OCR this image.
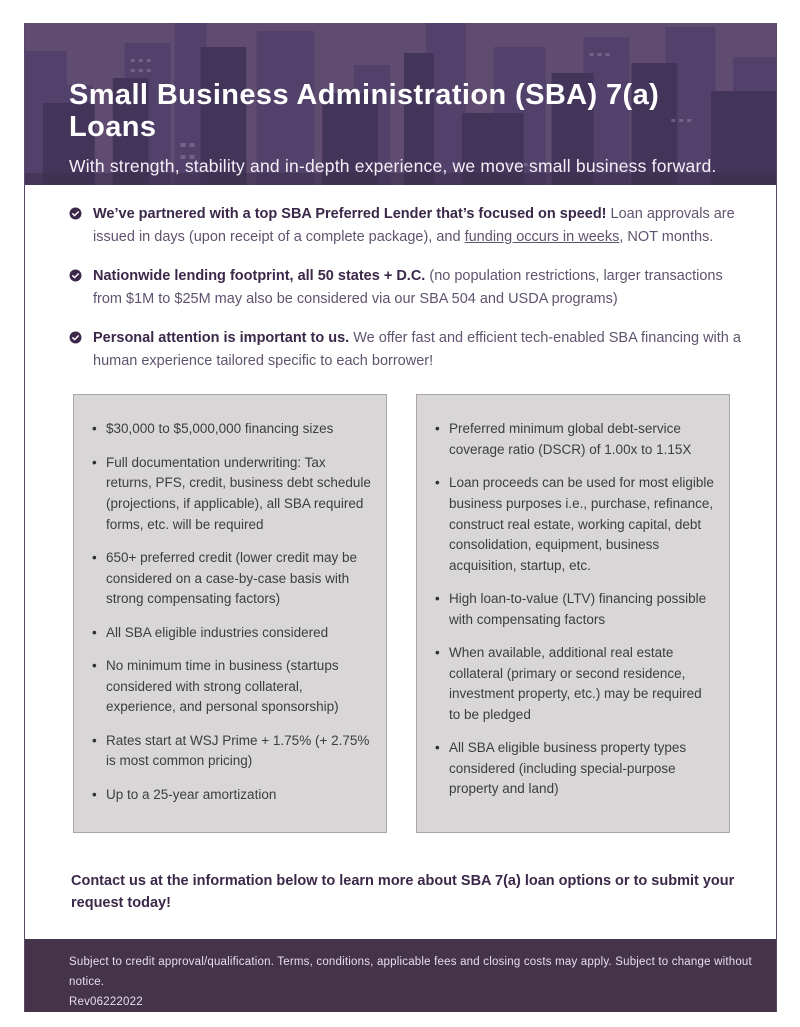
Small Business Administration (SBA) 7(a) Loans
With strength, stability and in-depth experience, we move small business forward.
We’ve partnered with a top SBA Preferred Lender that’s focused on speed! Loan approvals are issued in days (upon receipt of a complete package), and funding occurs in weeks, NOT months.
Nationwide lending footprint, all 50 states + D.C. (no population restrictions, larger transactions from $1M to $25M may also be considered via our SBA 504 and USDA programs)
Personal attention is important to us. We offer fast and efficient tech-enabled SBA financing with a human experience tailored specific to each borrower!
• $30,000 to $5,000,000 financing sizes
• Full documentation underwriting: Tax returns, PFS, credit, business debt schedule (projections, if applicable), all SBA required forms, etc. will be required
• 650+ preferred credit (lower credit may be considered on a case-by-case basis with strong compensating factors)
• All SBA eligible industries considered
• No minimum time in business (startups considered with strong collateral, experience, and personal sponsorship)
• Rates start at WSJ Prime + 1.75% (+ 2.75% is most common pricing)
• Up to a 25-year amortization
• Preferred minimum global debt-service coverage ratio (DSCR) of 1.00x to 1.15X
• Loan proceeds can be used for most eligible business purposes i.e., purchase, refinance, construct real estate, working capital, debt consolidation, equipment, business acquisition, startup, etc.
• High loan-to-value (LTV) financing possible with compensating factors
• When available, additional real estate collateral (primary or second residence, investment property, etc.) may be required to be pledged
• All SBA eligible business property types considered (including special-purpose property and land)
Contact us at the information below to learn more about SBA 7(a) loan options or to submit your request today!
Subject to credit approval/qualification. Terms, conditions, applicable fees and closing costs may apply. Subject to change without notice.
Rev06222022
